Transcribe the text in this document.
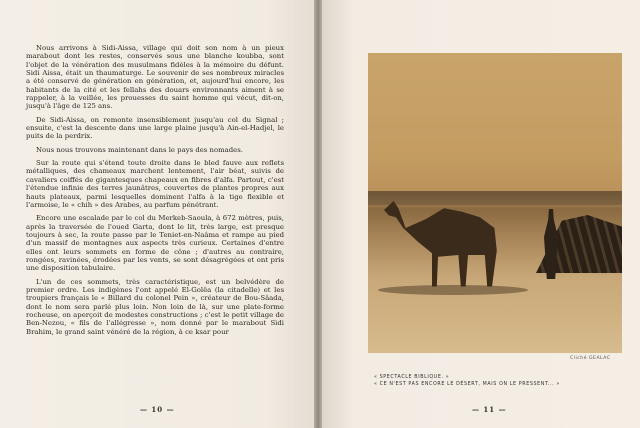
Nous arrivons à Sidi-Aissa, village qui doit son nom à un pieux marabout dont les restes, conservés sous une blanche koubba, sont l'objet de la vénération des musulmans fidèles à la mémoire du défunt. Sidi Aissa, était un thaumaturge. Le souvenir de ses nombreux miracles a été conservé de génération en génération, et, aujourd'hui encore, les habitants de la cité et les fellahs des douars environnants aiment à se rappeler, à la veillée, les prouesses du saint homme qui vécut, dit-on, jusqu'à l'âge de 125 ans.

De Sidi-Aissa, on remonte insensiblement jusqu'au col du Signal ; ensuite, c'est la descente dans une large plaine jusqu'à Ain-el-Hadjel, le puits de la perdrix.

Nous nous trouvons maintenant dans le pays des nomades.

Sur la route qui s'étend toute droite dans le bled fauve aux reflets métalliques, des chameaux marchent lentement, l'air béat, suivis de cavaliers coiffés de gigantesques chapeaux en fibres d'alfa. Partout, c'est l'étendue infinie des terres jaunâtres, couvertes de plantes propres aux hauts plateaux, parmi lesquelles dominent l'alfa à la tige flexible et l'armoise, le « chih » des Arabes, au parfum pénétrant.

Encore une escalade par le col du Merkeb-Saoula, à 672 mètres, puis, après la traversée de l'oued Garta, dont le lit, très large, est presque toujours à sec, la route passe par le Teniet-en-Naâma et rampe au pied d'un massif de montagnes aux aspects très curieux. Certaines d'entre elles ont leurs sommets en forme de cône ; d'autres au contraire, rongées, ravinées, érodées par les vents, se sont désagrégées et ont pris une disposition tabulaire.

L'un de ces sommets, très caractéristique, est un belvédère de premier ordre. Les indigènes l'ont appelé El-Golêa (la citadelle) et les troupiers français le « Billard du colonel Pein », créateur de Bou-Sâada, dont le nom sera parlé plus loin. Non loin de là, sur une plate-forme rocheuse, on aperçoit de modestes constructions ; c'est le petit village de Ben-Nezou, « fils de l'allégresse », nom donné par le marabout Sidi Brahim, le grand saint vénéré de la région, à ce ksar pour

— 10 —
Cliché GEALAC
« SPECTACLE BIBLIQUE. »
« CE N'EST PAS ENCORE LE DÉSERT, MAIS ON LE PRESSENT... »
— 11 —
